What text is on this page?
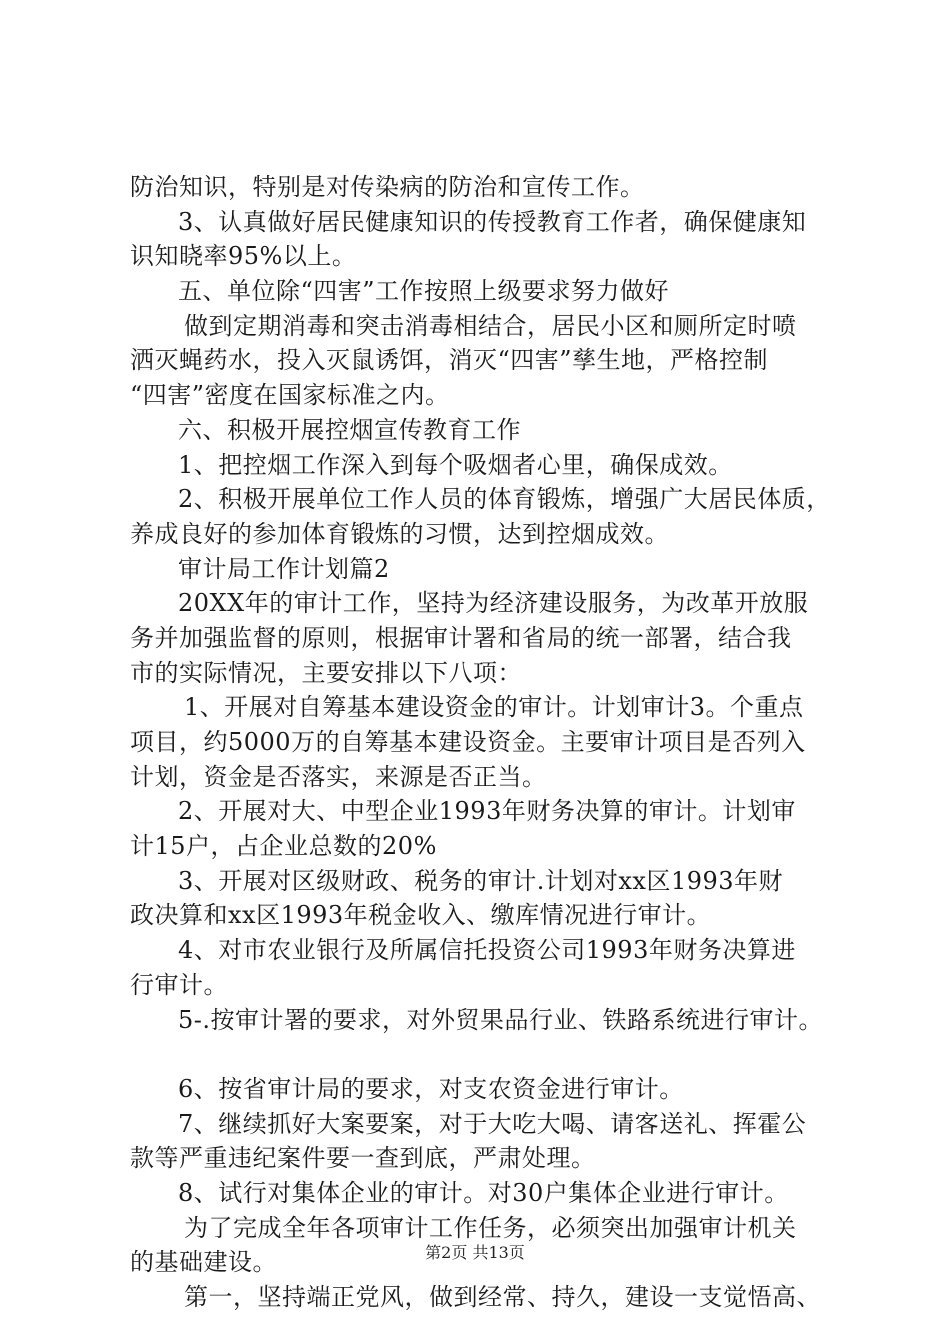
防治知识，特别是对传染病的防治和宣传工作。
3、认真做好居民健康知识的传授教育工作者，确保健康知
识知晓率95%以上。
五、单位除“四害”工作按照上级要求努力做好
做到定期消毒和突击消毒相结合，居民小区和厕所定时喷
洒灭蝇药水，投入灭鼠诱饵，消灭“四害”孳生地，严格控制
“四害”密度在国家标准之内。
六、积极开展控烟宣传教育工作
1、把控烟工作深入到每个吸烟者心里，确保成效。
2、积极开展单位工作人员的体育锻炼，增强广大居民体质，
养成良好的参加体育锻炼的习惯，达到控烟成效。
审计局工作计划篇2
20XX年的审计工作，坚持为经济建设服务，为改革开放服
务并加强监督的原则，根据审计署和省局的统一部署，结合我
市的实际情况，主要安排以下八项：
1、开展对自筹基本建设资金的审计。计划审计3。个重点
项目，约5000万的自筹基本建设资金。主要审计项目是否列入
计划，资金是否落实，来源是否正当。
2、开展对大、中型企业1993年财务决算的审计。计划审
计15户，占企业总数的20%
3、开展对区级财政、税务的审计.计划对xx区1993年财
政决算和xx区1993年税金收入、缴库情况进行审计。
4、对市农业银行及所属信托投资公司1993年财务决算进
行审计。
5-.按审计署的要求，对外贸果品行业、铁路系统进行审计。
6、按省审计局的要求，对支农资金进行审计。
7、继续抓好大案要案，对于大吃大喝、请客送礼、挥霍公
款等严重违纪案件要一查到底，严肃处理。
8、试行对集体企业的审计。对30户集体企业进行审计。
为了完成全年各项审计工作任务，必须突出加强审计机关
的基础建设。
第一，坚持端正党风，做到经常、持久，建设一支觉悟高、
第2页 共13页
